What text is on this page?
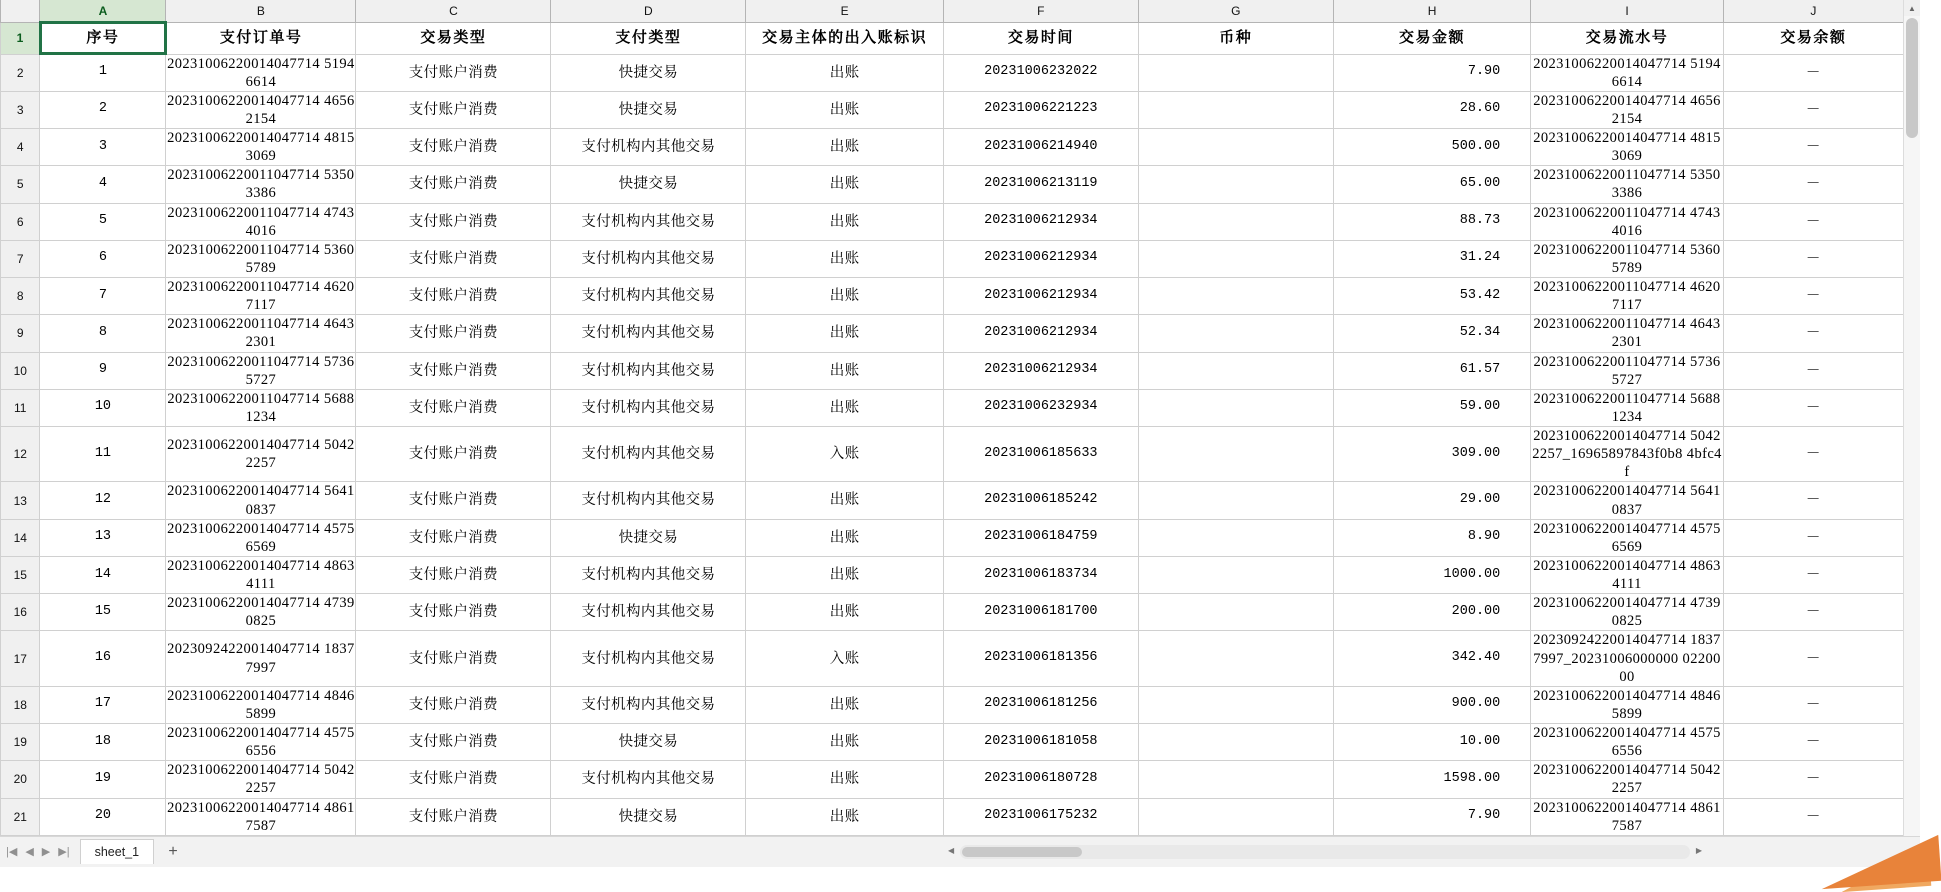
	A	B	C	D	E	F	G	H	I	J
1	序号	支付订单号	交易类型	支付类型	交易主体的出入账标识	交易时间	币种	交易金额	交易流水号	交易余额
2	1	20231006220014047714 51946614	支付账户消费	快捷交易	出账	20231006232022		7.90	20231006220014047714 51946614	－
3	2	20231006220014047714 46562154	支付账户消费	快捷交易	出账	20231006221223		28.60	20231006220014047714 46562154	－
4	3	20231006220014047714 48153069	支付账户消费	支付机构内其他交易	出账	20231006214940		500.00	20231006220014047714 48153069	－
5	4	20231006220011047714 53503386	支付账户消费	快捷交易	出账	20231006213119		65.00	20231006220011047714 53503386	－
6	5	20231006220011047714 47434016	支付账户消费	支付机构内其他交易	出账	20231006212934		88.73	20231006220011047714 47434016	－
7	6	20231006220011047714 53605789	支付账户消费	支付机构内其他交易	出账	20231006212934		31.24	20231006220011047714 53605789	－
8	7	20231006220011047714 46207117	支付账户消费	支付机构内其他交易	出账	20231006212934		53.42	20231006220011047714 46207117	－
9	8	20231006220011047714 46432301	支付账户消费	支付机构内其他交易	出账	20231006212934		52.34	20231006220011047714 46432301	－
10	9	20231006220011047714 57365727	支付账户消费	支付机构内其他交易	出账	20231006212934		61.57	20231006220011047714 57365727	－
11	10	20231006220011047714 56881234	支付账户消费	支付机构内其他交易	出账	20231006232934		59.00	20231006220011047714 56881234	－
12	11	20231006220014047714 50422257	支付账户消费	支付机构内其他交易	入账	20231006185633		309.00	20231006220014047714 50422257_16965897843f0b8 4bfc4f	－
13	12	20231006220014047714 56410837	支付账户消费	支付机构内其他交易	出账	20231006185242		29.00	20231006220014047714 56410837	－
14	13	20231006220014047714 45756569	支付账户消费	快捷交易	出账	20231006184759		8.90	20231006220014047714 45756569	－
15	14	20231006220014047714 48634111	支付账户消费	支付机构内其他交易	出账	20231006183734		1000.00	20231006220014047714 48634111	－
16	15	20231006220014047714 47390825	支付账户消费	支付机构内其他交易	出账	20231006181700		200.00	20231006220014047714 47390825	－
17	16	20230924220014047714 18377997	支付账户消费	支付机构内其他交易	入账	20231006181356		342.40	20230924220014047714 18377997_20231006000000 0220000	－
18	17	20231006220014047714 48465899	支付账户消费	支付机构内其他交易	出账	20231006181256		900.00	20231006220014047714 48465899	－
19	18	20231006220014047714 45756556	支付账户消费	快捷交易	出账	20231006181058		10.00	20231006220014047714 45756556	－
20	19	20231006220014047714 50422257	支付账户消费	支付机构内其他交易	出账	20231006180728		1598.00	20231006220014047714 50422257	－
21	20	20231006220014047714 48617587	支付账户消费	快捷交易	出账	20231006175232		7.90	20231006220014047714 48617587	－
▲
|◀ ◀ ▶ ▶|	sheet_1	+	◀	▶
